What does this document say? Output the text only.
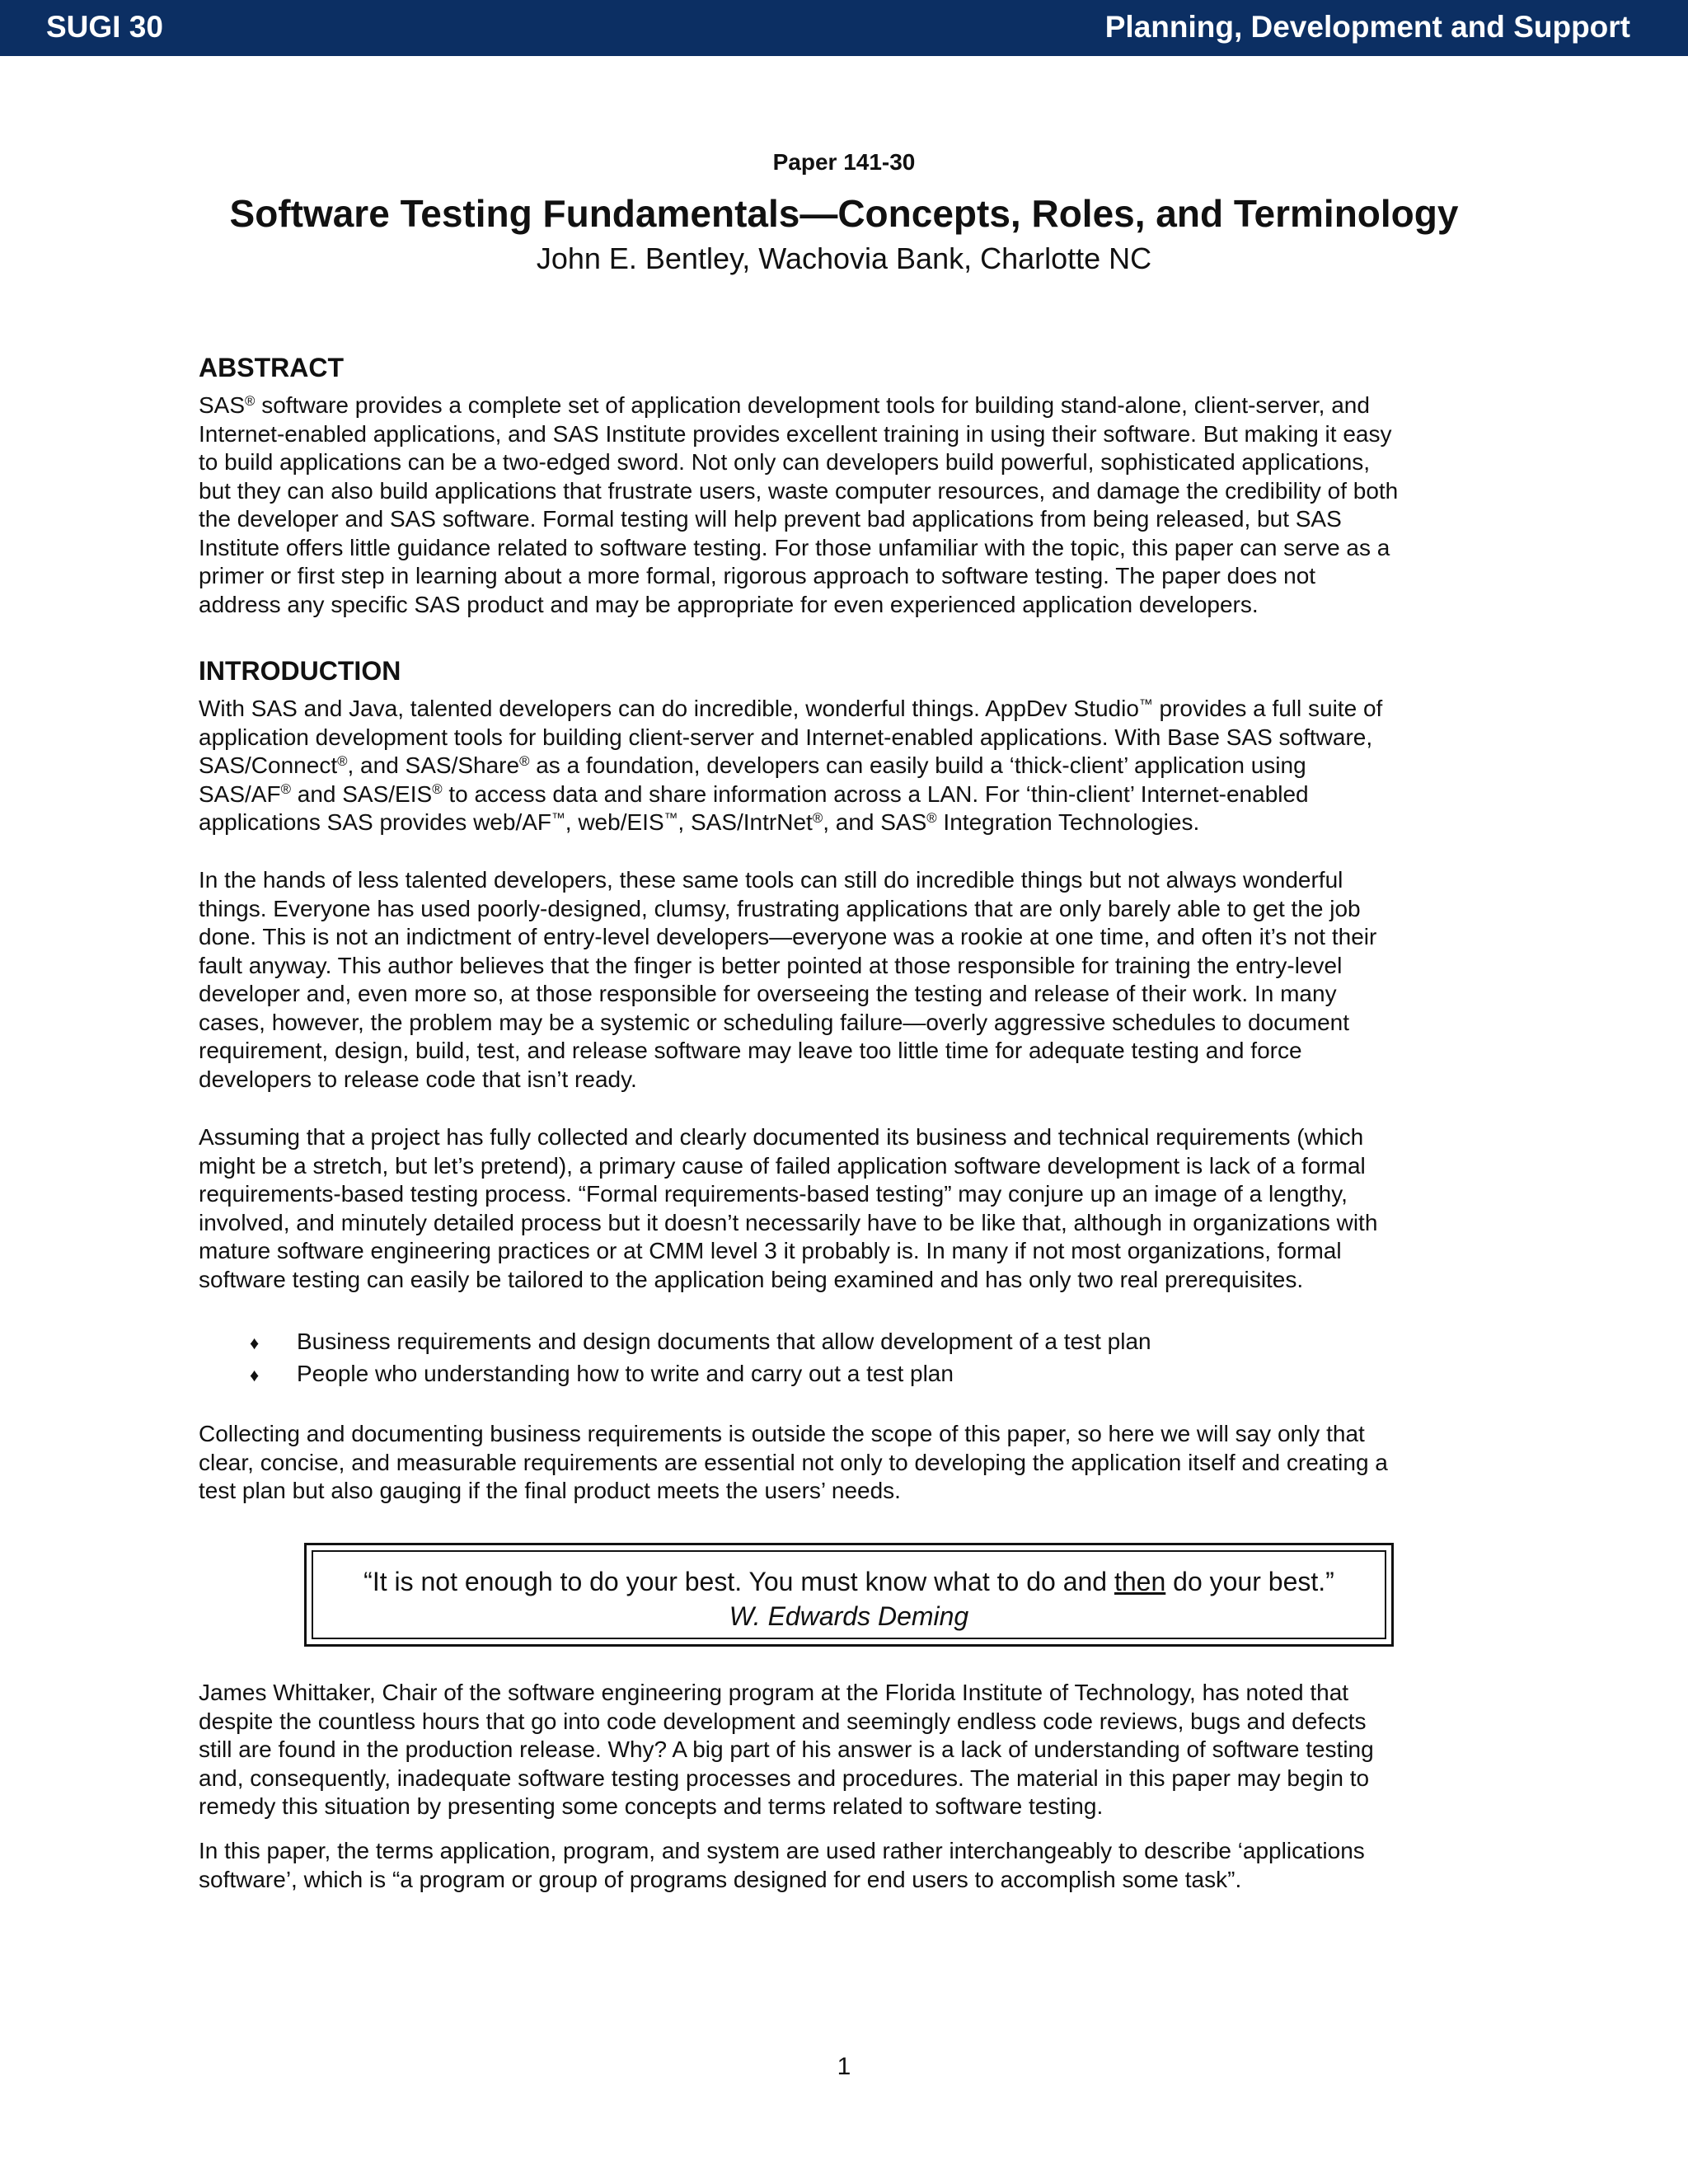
SUGI 30	Planning, Development and Support
Paper 141-30
Software Testing Fundamentals—Concepts, Roles, and Terminology
John E. Bentley, Wachovia Bank, Charlotte NC
ABSTRACT
SAS® software provides a complete set of application development tools for building stand-alone, client-server, and
Internet-enabled applications, and SAS Institute provides excellent training in using their software. But making it easy
to build applications can be a two-edged sword. Not only can developers build powerful, sophisticated applications,
but they can also build applications that frustrate users, waste computer resources, and damage the credibility of both
the developer and SAS software. Formal testing will help prevent bad applications from being released, but SAS
Institute offers little guidance related to software testing. For those unfamiliar with the topic, this paper can serve as a
primer or first step in learning about a more formal, rigorous approach to software testing. The paper does not
address any specific SAS product and may be appropriate for even experienced application developers.
INTRODUCTION
With SAS and Java, talented developers can do incredible, wonderful things. AppDev Studio™ provides a full suite of
application development tools for building client-server and Internet-enabled applications. With Base SAS software,
SAS/Connect®, and SAS/Share® as a foundation, developers can easily build a ‘thick-client’ application using
SAS/AF® and SAS/EIS® to access data and share information across a LAN. For ‘thin-client’ Internet-enabled
applications SAS provides web/AF™, web/EIS™, SAS/IntrNet®, and SAS® Integration Technologies.
In the hands of less talented developers, these same tools can still do incredible things but not always wonderful
things. Everyone has used poorly-designed, clumsy, frustrating applications that are only barely able to get the job
done. This is not an indictment of entry-level developers—everyone was a rookie at one time, and often it’s not their
fault anyway. This author believes that the finger is better pointed at those responsible for training the entry-level
developer and, even more so, at those responsible for overseeing the testing and release of their work. In many
cases, however, the problem may be a systemic or scheduling failure—overly aggressive schedules to document
requirement, design, build, test, and release software may leave too little time for adequate testing and force
developers to release code that isn’t ready.
Assuming that a project has fully collected and clearly documented its business and technical requirements (which
might be a stretch, but let’s pretend), a primary cause of failed application software development is lack of a formal
requirements-based testing process. “Formal requirements-based testing” may conjure up an image of a lengthy,
involved, and minutely detailed process but it doesn’t necessarily have to be like that, although in organizations with
mature software engineering practices or at CMM level 3 it probably is. In many if not most organizations, formal
software testing can easily be tailored to the application being examined and has only two real prerequisites.
♦ Business requirements and design documents that allow development of a test plan
♦ People who understanding how to write and carry out a test plan
Collecting and documenting business requirements is outside the scope of this paper, so here we will say only that
clear, concise, and measurable requirements are essential not only to developing the application itself and creating a
test plan but also gauging if the final product meets the users’ needs.
James Whittaker, Chair of the software engineering program at the Florida Institute of Technology, has noted that
despite the countless hours that go into code development and seemingly endless code reviews, bugs and defects
still are found in the production release. Why? A big part of his answer is a lack of understanding of software testing
and, consequently, inadequate software testing processes and procedures. The material in this paper may begin to
remedy this situation by presenting some concepts and terms related to software testing.
In this paper, the terms application, program, and system are used rather interchangeably to describe ‘applications
software’, which is “a program or group of programs designed for end users to accomplish some task”.
“It is not enough to do your best. You must know what to do and then do your best.”
W. Edwards Deming
1
